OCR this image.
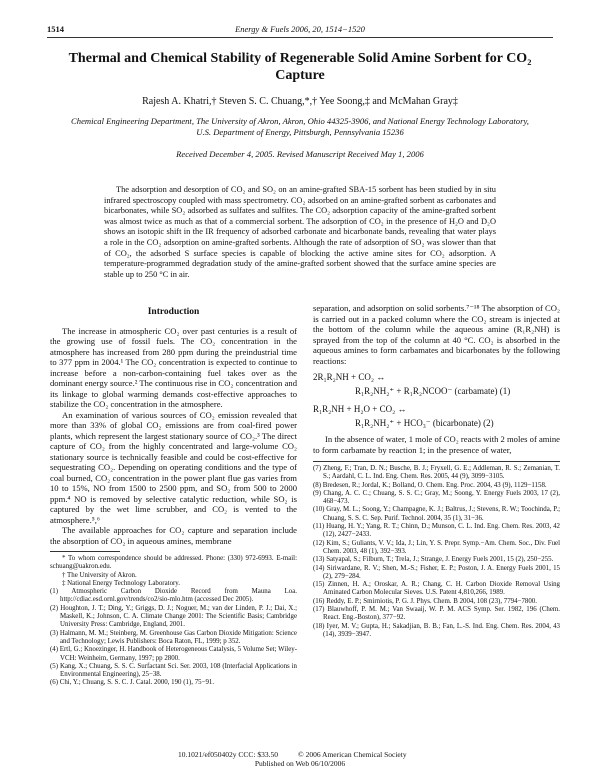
1514	Energy & Fuels 2006, 20, 1514−1520
Thermal and Chemical Stability of Regenerable Solid Amine Sorbent for CO₂ Capture
Rajesh A. Khatri,† Steven S. C. Chuang,*,† Yee Soong,‡ and McMahan Gray‡
Chemical Engineering Department, The University of Akron, Akron, Ohio 44325-3906, and National Energy Technology Laboratory, U.S. Department of Energy, Pittsburgh, Pennsylvania 15236
Received December 4, 2005. Revised Manuscript Received May 1, 2006
The adsorption and desorption of CO₂ and SO₂ on an amine-grafted SBA-15 sorbent has been studied by in situ infrared spectroscopy coupled with mass spectrometry. CO₂ adsorbed on an amine-grafted sorbent as carbonates and bicarbonates, while SO₂ adsorbed as sulfates and sulfites. The CO₂ adsorption capacity of the amine-grafted sorbent was almost twice as much as that of a commercial sorbent. The adsorption of CO₂ in the presence of H₂O and D₂O shows an isotopic shift in the IR frequency of adsorbed carbonate and bicarbonate bands, revealing that water plays a role in the CO₂ adsorption on amine-grafted sorbents. Although the rate of adsorption of SO₂ was slower than that of CO₂, the adsorbed S surface species is capable of blocking the active amine sites for CO₂ adsorption. A temperature-programmed degradation study of the amine-grafted sorbent showed that the surface amine species are stable up to 250 °C in air.
Introduction

The increase in atmospheric CO₂ over past centuries is a result of the growing use of fossil fuels. The CO₂ concentration in the atmosphere has increased from 280 ppm during the preindustrial time to 377 ppm in 2004.¹ The CO₂ concentration is expected to continue to increase before a non-carbon-containing fuel takes over as the dominant energy source.² The continuous rise in CO₂ concentration and its linkage to global warming demands cost-effective approaches to stabilize the CO₂ concentration in the atmosphere.

An examination of various sources of CO₂ emission revealed that more than 33% of global CO₂ emissions are from coal-fired power plants, which represent the largest stationary source of CO₂.³ The direct capture of CO₂ from the highly concentrated and large-volume CO₂ stationary source is technically feasible and could be cost-effective for sequestrating CO₂. Depending on operating conditions and the type of coal burned, CO₂ concentration in the power plant flue gas varies from 10 to 15%, NO from 1500 to 2500 ppm, and SO₂ from 500 to 2000 ppm.⁴ NO is removed by selective catalytic reduction, while SO₂ is captured by the wet lime scrubber, and CO₂ is vented to the atmosphere.⁵,⁶

The available approaches for CO₂ capture and separation include the absorption of CO₂ in aqueous amines, membrane

* To whom correspondence should be addressed. Phone: (330) 972-6993. E-mail: schuang@uakron.edu.

† The University of Akron.

‡ National Energy Technology Laboratory.

(1) Atmospheric Carbon Dioxide Record from Mauna Loa. http://cdiac.esd.ornl.gov/trends/co2/sio-mlo.htm (accessed Dec 2005).

(2) Houghton, J. T.; Ding, Y.; Griggs, D. J.; Noguer, M.; van der Linden, P. J.; Dai, X.; Maskell, K.; Johnson, C. A. Climate Change 2001: The Scientific Basis; Cambridge University Press: Cambridge, England, 2001.

(3) Halmann, M. M.; Steinberg, M. Greenhouse Gas Carbon Dioxide Mitigation: Science and Technology; Lewis Publishers: Boca Raton, FL, 1999; p 352.

(4) Ertl, G.; Knoezinger, H. Handbook of Heterogeneous Catalysis, 5 Volume Set; Wiley-VCH: Weinheim, Germany, 1997; pp 2800.

(5) Kang, X.; Chuang, S. S. C. Surfactant Sci. Ser. 2003, 108 (Interfacial Applications in Environmental Engineering), 25−38.

(6) Chi, Y.; Chuang, S. S. C. J. Catal. 2000, 190 (1), 75−91.

separation, and adsorption on solid sorbents.⁷⁻¹⁸ The absorption of CO₂ is carried out in a packed column where the CO₂ stream is injected at the bottom of the column while the aqueous amine (R₁R₂NH) is sprayed from the top of the column at 40 °C. CO₂ is absorbed in the aqueous amines to form carbamates and bicarbonates by the following reactions:

2R₁R₂NH + CO₂ ↔
R₁R₂NH₂⁺ + R₁R₂NCOO⁻ (carbamate) (1)
R₁R₂NH + H₂O + CO₂ ↔
R₁R₂NH₂⁺ + HCO₃⁻ (bicarbonate) (2)

In the absence of water, 1 mole of CO₂ reacts with 2 moles of amine to form carbamate by reaction 1; in the presence of water,

(7) Zheng, F.; Tran, D. N.; Busche, B. J.; Fryxell, G. E.; Addleman, R. S.; Zemanian, T. S.; Aardahl, C. L. Ind. Eng. Chem. Res. 2005, 44 (9), 3099−3105.

(8) Bredesen, R.; Jordal, K.; Bolland, O. Chem. Eng. Proc. 2004, 43 (9), 1129−1158.

(9) Chang, A. C. C.; Chuang, S. S. C.; Gray, M.; Soong, Y. Energy Fuels 2003, 17 (2), 468−473.

(10) Gray, M. L.; Soong, Y.; Champagne, K. J.; Baltrus, J.; Stevens, R. W.; Toochinda, P.; Chuang, S. S. C. Sep. Purif. Technol. 2004, 35 (1), 31−36.

(11) Huang, H. Y.; Yang, R. T.; Chinn, D.; Munson, C. L. Ind. Eng. Chem. Res. 2003, 42 (12), 2427−2433.

(12) Kim, S.; Guliants, V. V.; Ida, J.; Lin, Y. S. Prepr. Symp.−Am. Chem. Soc., Div. Fuel Chem. 2003, 48 (1), 392−393.

(13) Satyapal, S.; Filburn, T.; Trela, J.; Strange, J. Energy Fuels 2001, 15 (2), 250−255.

(14) Siriwardane, R. V.; Shen, M.-S.; Fisher, E. P.; Poston, J. A. Energy Fuels 2001, 15 (2), 279−284.

(15) Zinnen, H. A.; Oroskar, A. R.; Chang, C. H. Carbon Dioxide Removal Using Aminated Carbon Molecular Sieves. U.S. Patent 4,810,266, 1989.

(16) Reddy, E. P.; Smirniotis, P. G. J. Phys. Chem. B 2004, 108 (23), 7794−7800.

(17) Blauwhoff, P. M. M.; Van Swaaij, W. P. M. ACS Symp. Ser. 1982, 196 (Chem. React. Eng.-Boston), 377−92.

(18) Iyer, M. V.; Gupta, H.; Sakadjian, B. B.; Fan, L.-S. Ind. Eng. Chem. Res. 2004, 43 (14), 3939−3947.

10.1021/ef050402y CCC: $33.50	© 2006 American Chemical Society
Published on Web 06/10/2006
